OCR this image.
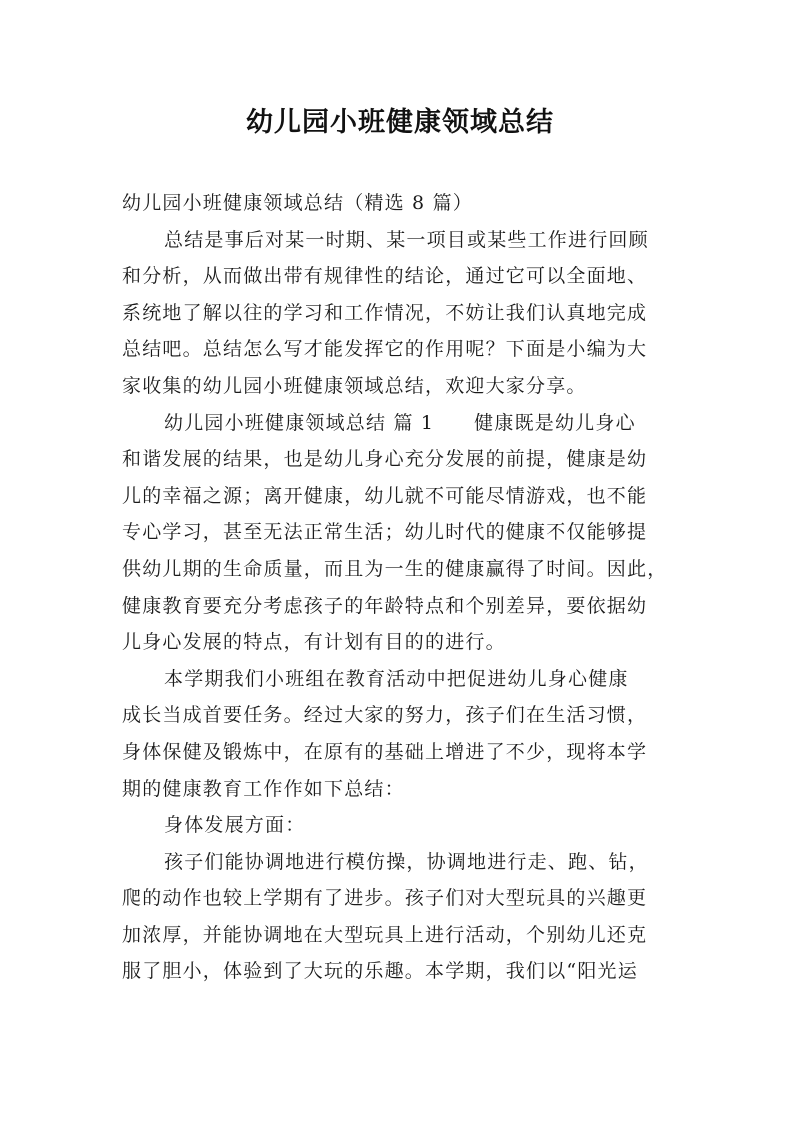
幼儿园小班健康领域总结
幼儿园小班健康领域总结（精选 8 篇）
总结是事后对某一时期、某一项目或某些工作进行回顾
和分析，从而做出带有规律性的结论，通过它可以全面地、
系统地了解以往的学习和工作情况，不妨让我们认真地完成
总结吧。总结怎么写才能发挥它的作用呢？下面是小编为大
家收集的幼儿园小班健康领域总结，欢迎大家分享。
幼儿园小班健康领域总结 篇 1 健康既是幼儿身心
和谐发展的结果，也是幼儿身心充分发展的前提，健康是幼
儿的幸福之源；离开健康，幼儿就不可能尽情游戏，也不能
专心学习，甚至无法正常生活；幼儿时代的健康不仅能够提
供幼儿期的生命质量，而且为一生的健康赢得了时间。因此，
健康教育要充分考虑孩子的年龄特点和个别差异，要依据幼
儿身心发展的特点，有计划有目的的进行。
本学期我们小班组在教育活动中把促进幼儿身心健康
成长当成首要任务。经过大家的努力，孩子们在生活习惯，
身体保健及锻炼中，在原有的基础上增进了不少，现将本学
期的健康教育工作作如下总结：
身体发展方面：
孩子们能协调地进行模仿操，协调地进行走、跑、钻，
爬的动作也较上学期有了进步。孩子们对大型玩具的兴趣更
加浓厚，并能协调地在大型玩具上进行活动，个别幼儿还克
服了胆小，体验到了大玩的乐趣。本学期，我们以“阳光运
